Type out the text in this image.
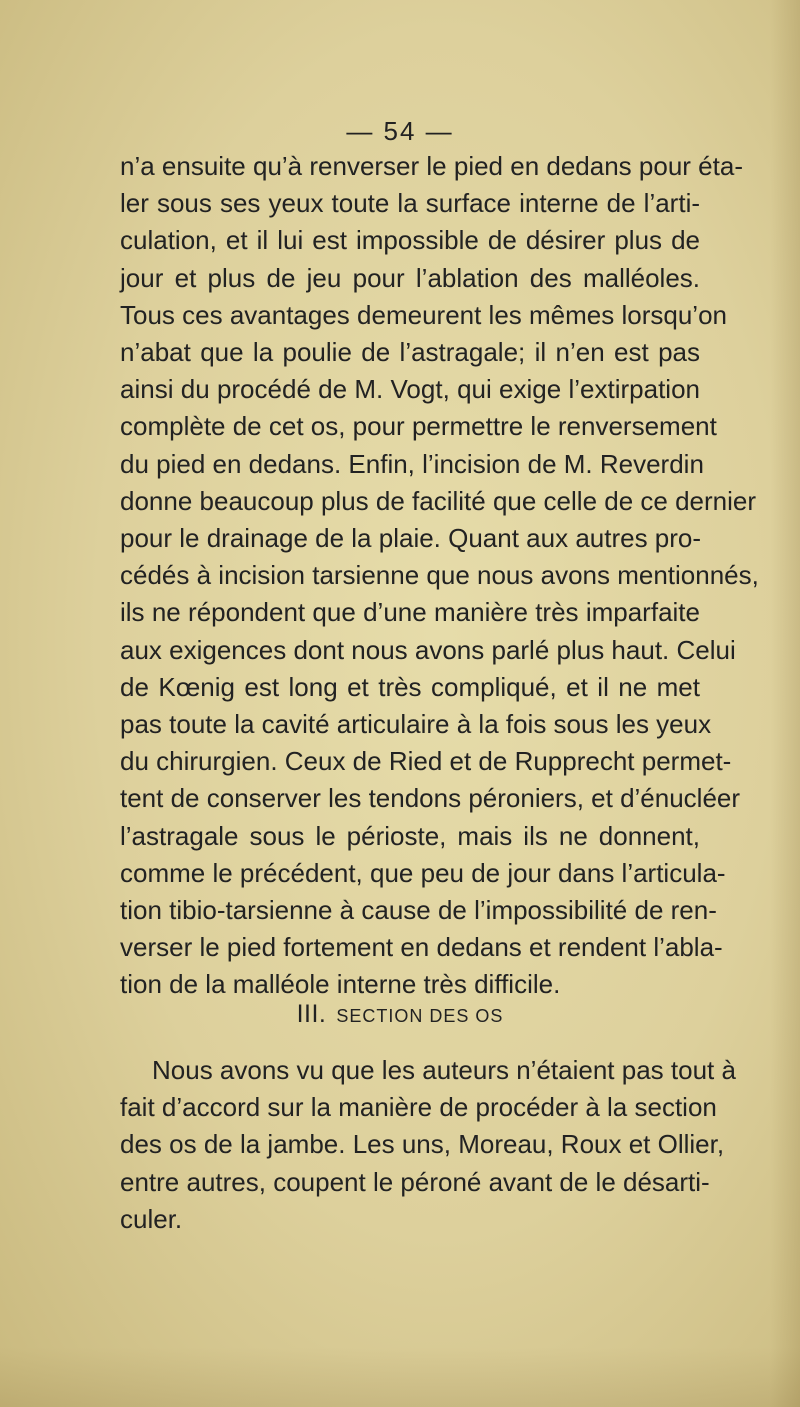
— 54 —
n’a ensuite qu’à renverser le pied en dedans pour éta-
ler sous ses yeux toute la surface interne de l’arti-
culation, et il lui est impossible de désirer plus de
jour et plus de jeu pour l’ablation des malléoles.
Tous ces avantages demeurent les mêmes lorsqu’on
n’abat que la poulie de l’astragale; il n’en est pas
ainsi du procédé de M. Vogt, qui exige l’extirpation
complète de cet os, pour permettre le renversement
du pied en dedans. Enfin, l’incision de M. Reverdin
donne beaucoup plus de facilité que celle de ce dernier
pour le drainage de la plaie. Quant aux autres pro-
cédés à incision tarsienne que nous avons mentionnés,
ils ne répondent que d’une manière très imparfaite
aux exigences dont nous avons parlé plus haut. Celui
de Kœnig est long et très compliqué, et il ne met
pas toute la cavité articulaire à la fois sous les yeux
du chirurgien. Ceux de Ried et de Rupprecht permet-
tent de conserver les tendons péroniers, et d’énucléer
l’astragale sous le périoste, mais ils ne donnent,
comme le précédent, que peu de jour dans l’articula-
tion tibio-tarsienne à cause de l’impossibilité de ren-
verser le pied fortement en dedans et rendent l’abla-
tion de la malléole interne très difficile.
III. SECTION DES OS
Nous avons vu que les auteurs n’étaient pas tout à
fait d’accord sur la manière de procéder à la section
des os de la jambe. Les uns, Moreau, Roux et Ollier,
entre autres, coupent le péroné avant de le désarti-
culer.
